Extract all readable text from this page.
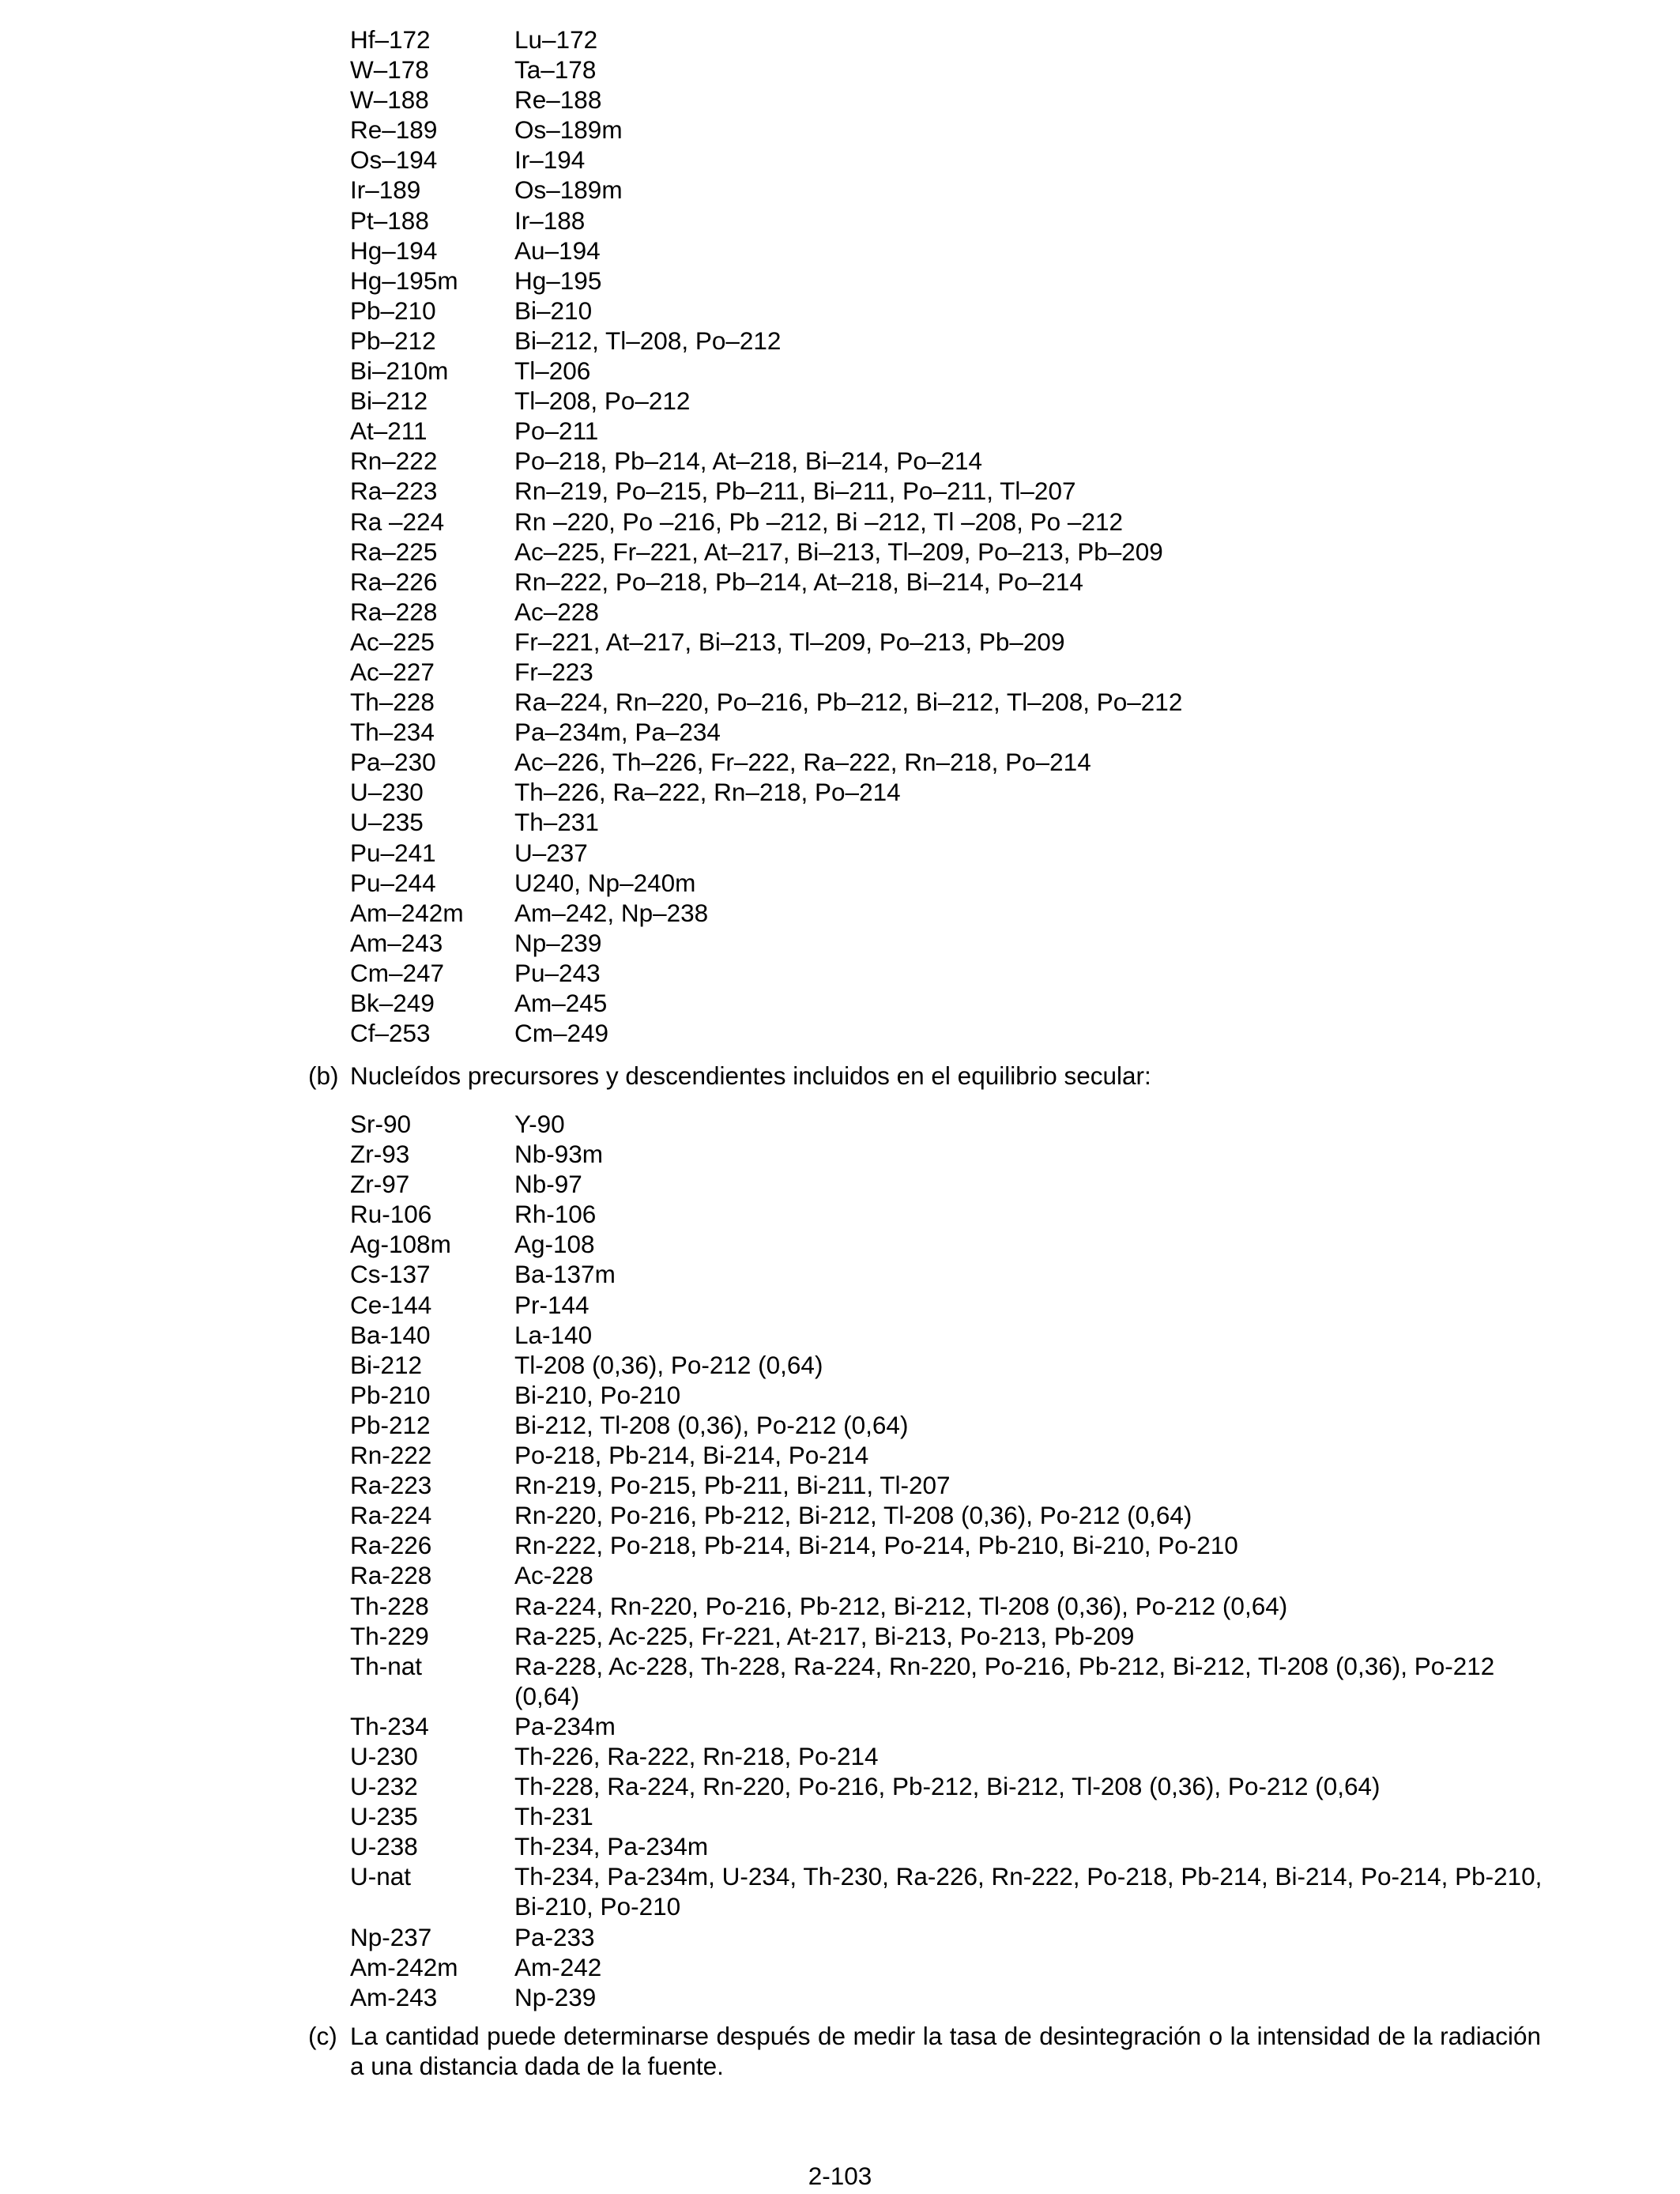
Hf–172	Lu–172
W–178	Ta–178
W–188	Re–188
Re–189	Os–189m
Os–194	Ir–194
Ir–189	Os–189m
Pt–188	Ir–188
Hg–194	Au–194
Hg–195m	Hg–195
Pb–210	Bi–210
Pb–212	Bi–212, Tl–208, Po–212
Bi–210m	Tl–206
Bi–212	Tl–208, Po–212
At–211	Po–211
Rn–222	Po–218, Pb–214, At–218, Bi–214, Po–214
Ra–223	Rn–219, Po–215, Pb–211, Bi–211, Po–211, Tl–207
Ra –224	Rn –220, Po –216, Pb –212, Bi –212, Tl –208, Po –212
Ra–225	Ac–225, Fr–221, At–217, Bi–213, Tl–209, Po–213, Pb–209
Ra–226	Rn–222, Po–218, Pb–214, At–218, Bi–214, Po–214
Ra–228	Ac–228
Ac–225	Fr–221, At–217, Bi–213, Tl–209, Po–213, Pb–209
Ac–227	Fr–223
Th–228	Ra–224, Rn–220, Po–216, Pb–212, Bi–212, Tl–208, Po–212
Th–234	Pa–234m, Pa–234
Pa–230	Ac–226, Th–226, Fr–222, Ra–222, Rn–218, Po–214
U–230	Th–226, Ra–222, Rn–218, Po–214
U–235	Th–231
Pu–241	U–237
Pu–244	U240, Np–240m
Am–242m	Am–242, Np–238
Am–243	Np–239
Cm–247	Pu–243
Bk–249	Am–245
Cf–253	Cm–249
(b) Nucleídos precursores y descendientes incluidos en el equilibrio secular:
Sr-90	Y-90
Zr-93	Nb-93m
Zr-97	Nb-97
Ru-106	Rh-106
Ag-108m	Ag-108
Cs-137	Ba-137m
Ce-144	Pr-144
Ba-140	La-140
Bi-212	Tl-208 (0,36), Po-212 (0,64)
Pb-210	Bi-210, Po-210
Pb-212	Bi-212, Tl-208 (0,36), Po-212 (0,64)
Rn-222	Po-218, Pb-214, Bi-214, Po-214
Ra-223	Rn-219, Po-215, Pb-211, Bi-211, Tl-207
Ra-224	Rn-220, Po-216, Pb-212, Bi-212, Tl-208 (0,36), Po-212 (0,64)
Ra-226	Rn-222, Po-218, Pb-214, Bi-214, Po-214, Pb-210, Bi-210, Po-210
Ra-228	Ac-228
Th-228	Ra-224, Rn-220, Po-216, Pb-212, Bi-212, Tl-208 (0,36), Po-212 (0,64)
Th-229	Ra-225, Ac-225, Fr-221, At-217, Bi-213, Po-213, Pb-209
Th-nat	Ra-228, Ac-228, Th-228, Ra-224, Rn-220, Po-216, Pb-212, Bi-212, Tl-208 (0,36), Po-212 (0,64)
Th-234	Pa-234m
U-230	Th-226, Ra-222, Rn-218, Po-214
U-232	Th-228, Ra-224, Rn-220, Po-216, Pb-212, Bi-212, Tl-208 (0,36), Po-212 (0,64)
U-235	Th-231
U-238	Th-234, Pa-234m
U-nat	Th-234, Pa-234m, U-234, Th-230, Ra-226, Rn-222, Po-218, Pb-214, Bi-214, Po-214, Pb-210, Bi-210, Po-210
Np-237	Pa-233
Am-242m	Am-242
Am-243	Np-239
(c) La cantidad puede determinarse después de medir la tasa de desintegración o la intensidad de la radiación a una distancia dada de la fuente.
2-103
